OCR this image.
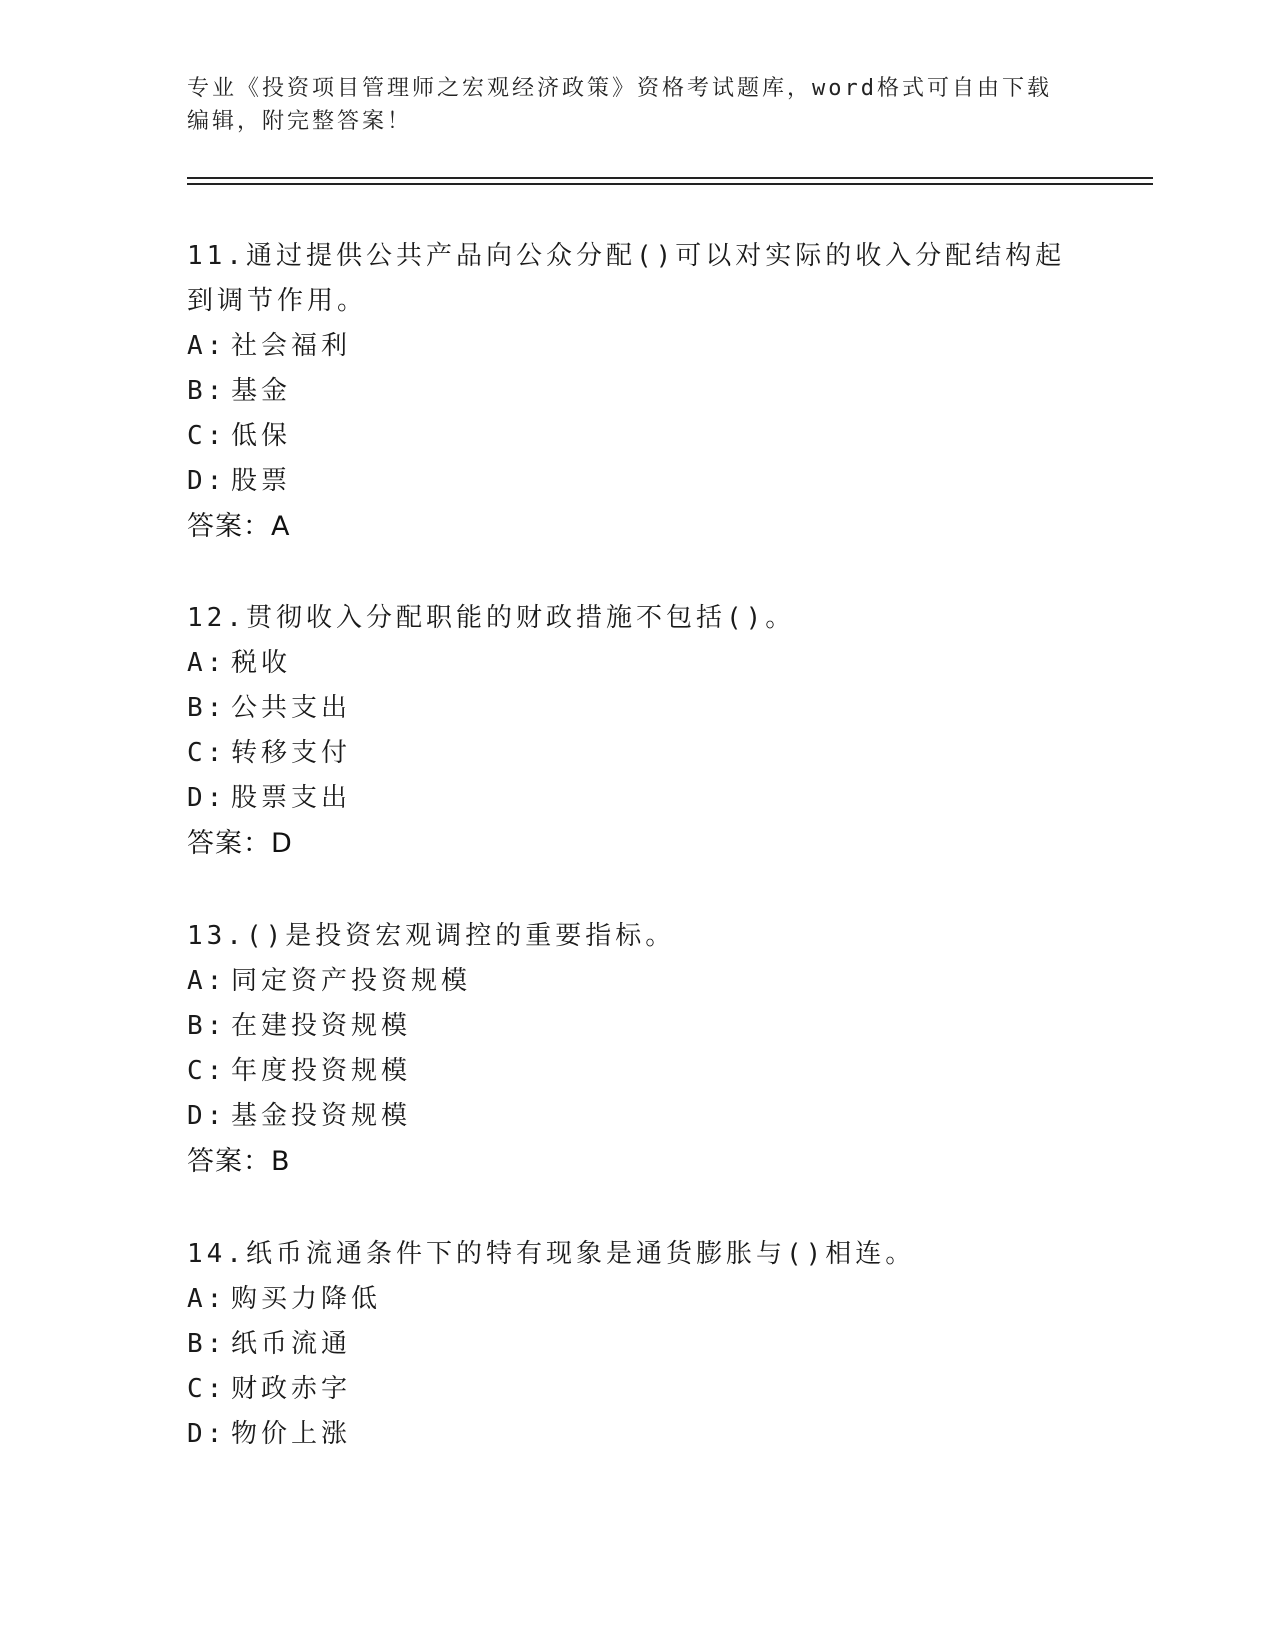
专业《投资项目管理师之宏观经济政策》资格考试题库，word格式可自由下载编辑，附完整答案！

11.通过提供公共产品向公众分配()可以对实际的收入分配结构起到调节作用。

A: 社会福利
B: 基金
C: 低保
D: 股票
答案：A

12.贯彻收入分配职能的财政措施不包括()。

A: 税收
B: 公共支出
C: 转移支付
D: 股票支出
答案：D

13.()是投资宏观调控的重要指标。

A: 同定资产投资规模
B: 在建投资规模
C: 年度投资规模
D: 基金投资规模
答案：B

14.纸币流通条件下的特有现象是通货膨胀与()相连。

A: 购买力降低
B: 纸币流通
C: 财政赤字
D: 物价上涨
